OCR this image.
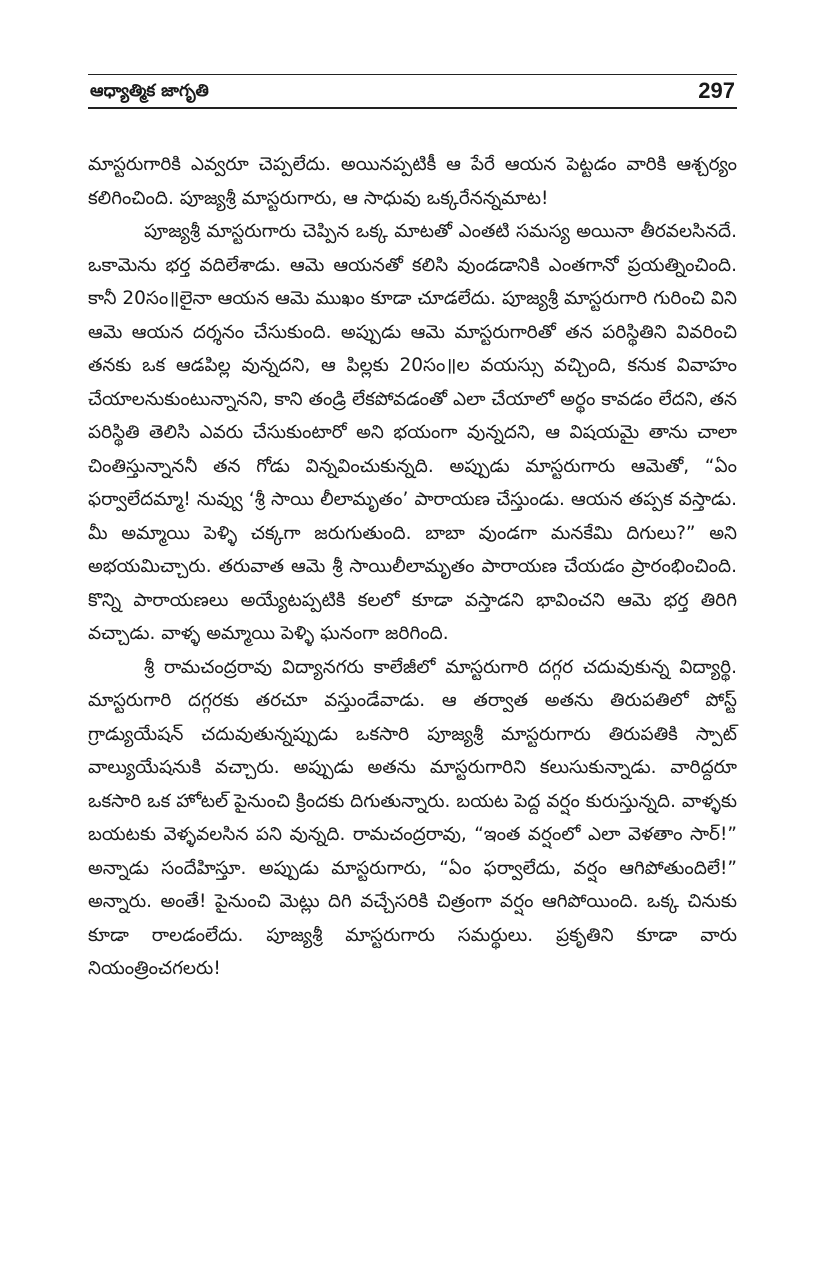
ఆధ్యాత్మిక జాగృతి	297

మాస్టరుగారికి ఎవ్వరూ చెప్పలేదు. అయినప్పటికీ ఆ పేరే ఆయన పెట్టడం వారికి ఆశ్చర్యం కలిగించింది. పూజ్యశ్రీ మాస్టరుగారు, ఆ సాధువు ఒక్కరేనన్నమాట!

పూజ్యశ్రీ మాస్టరుగారు చెప్పిన ఒక్క మాటతో ఎంతటి సమస్య అయినా తీరవలసినదే. ఒకామెను భర్త వదిలేశాడు. ఆమె ఆయనతో కలిసి వుండడానికి ఎంతగానో ప్రయత్నించింది. కానీ 20సం॥లైనా ఆయన ఆమె ముఖం కూడా చూడలేదు. పూజ్యశ్రీ మాస్టరుగారి గురించి విని ఆమె ఆయన దర్శనం చేసుకుంది. అప్పుడు ఆమె మాస్టరుగారితో తన పరిస్థితిని వివరించి తనకు ఒక ఆడపిల్ల వున్నదని, ఆ పిల్లకు 20సం॥ల వయస్సు వచ్చింది, కనుక వివాహం చేయాలనుకుంటున్నానని, కాని తండ్రి లేకపోవడంతో ఎలా చేయాలో అర్థం కావడం లేదని, తన పరిస్థితి తెలిసి ఎవరు చేసుకుంటారో అని భయంగా వున్నదని, ఆ విషయమై తాను చాలా చింతిస్తున్నాననీ తన గోడు విన్నవించుకున్నది. అప్పుడు మాస్టరుగారు ఆమెతో, “ఏం ఫర్వాలేదమ్మా! నువ్వు ‘శ్రీ సాయి లీలామృతం’ పారాయణ చేస్తుండు. ఆయన తప్పక వస్తాడు. మీ అమ్మాయి పెళ్ళి చక్కగా జరుగుతుంది. బాబా వుండగా మనకేమి దిగులు?” అని అభయమిచ్చారు. తరువాత ఆమె శ్రీ సాయిలీలామృతం పారాయణ చేయడం ప్రారంభించింది. కొన్ని పారాయణలు అయ్యేటప్పటికి కలలో కూడా వస్తాడని భావించని ఆమె భర్త తిరిగి వచ్చాడు. వాళ్ళ అమ్మాయి పెళ్ళి ఘనంగా జరిగింది.

శ్రీ రామచంద్రరావు విద్యానగరు కాలేజీలో మాస్టరుగారి దగ్గర చదువుకున్న విద్యార్థి. మాస్టరుగారి దగ్గరకు తరచూ వస్తుండేవాడు. ఆ తర్వాత అతను తిరుపతిలో పోస్ట్ గ్రాడ్యుయేషన్ చదువుతున్నప్పుడు ఒకసారి పూజ్యశ్రీ మాస్టరుగారు తిరుపతికి స్పాట్ వాల్యుయేషనుకి వచ్చారు. అప్పుడు అతను మాస్టరుగారిని కలుసుకున్నాడు. వారిద్దరూ ఒకసారి ఒక హోటల్ పైనుంచి క్రిందకు దిగుతున్నారు. బయట పెద్ద వర్షం కురుస్తున్నది. వాళ్ళకు బయటకు వెళ్ళవలసిన పని వున్నది. రామచంద్రరావు, “ఇంత వర్షంలో ఎలా వెళతాం సార్!” అన్నాడు సందేహిస్తూ. అప్పుడు మాస్టరుగారు, “ఏం ఫర్వాలేదు, వర్షం ఆగిపోతుందిలే!” అన్నారు. అంతే! పైనుంచి మెట్లు దిగి వచ్చేసరికి చిత్రంగా వర్షం ఆగిపోయింది. ఒక్క చినుకు కూడా రాలడంలేదు. పూజ్యశ్రీ మాస్టరుగారు సమర్థులు. ప్రకృతిని కూడా వారు నియంత్రించగలరు!
